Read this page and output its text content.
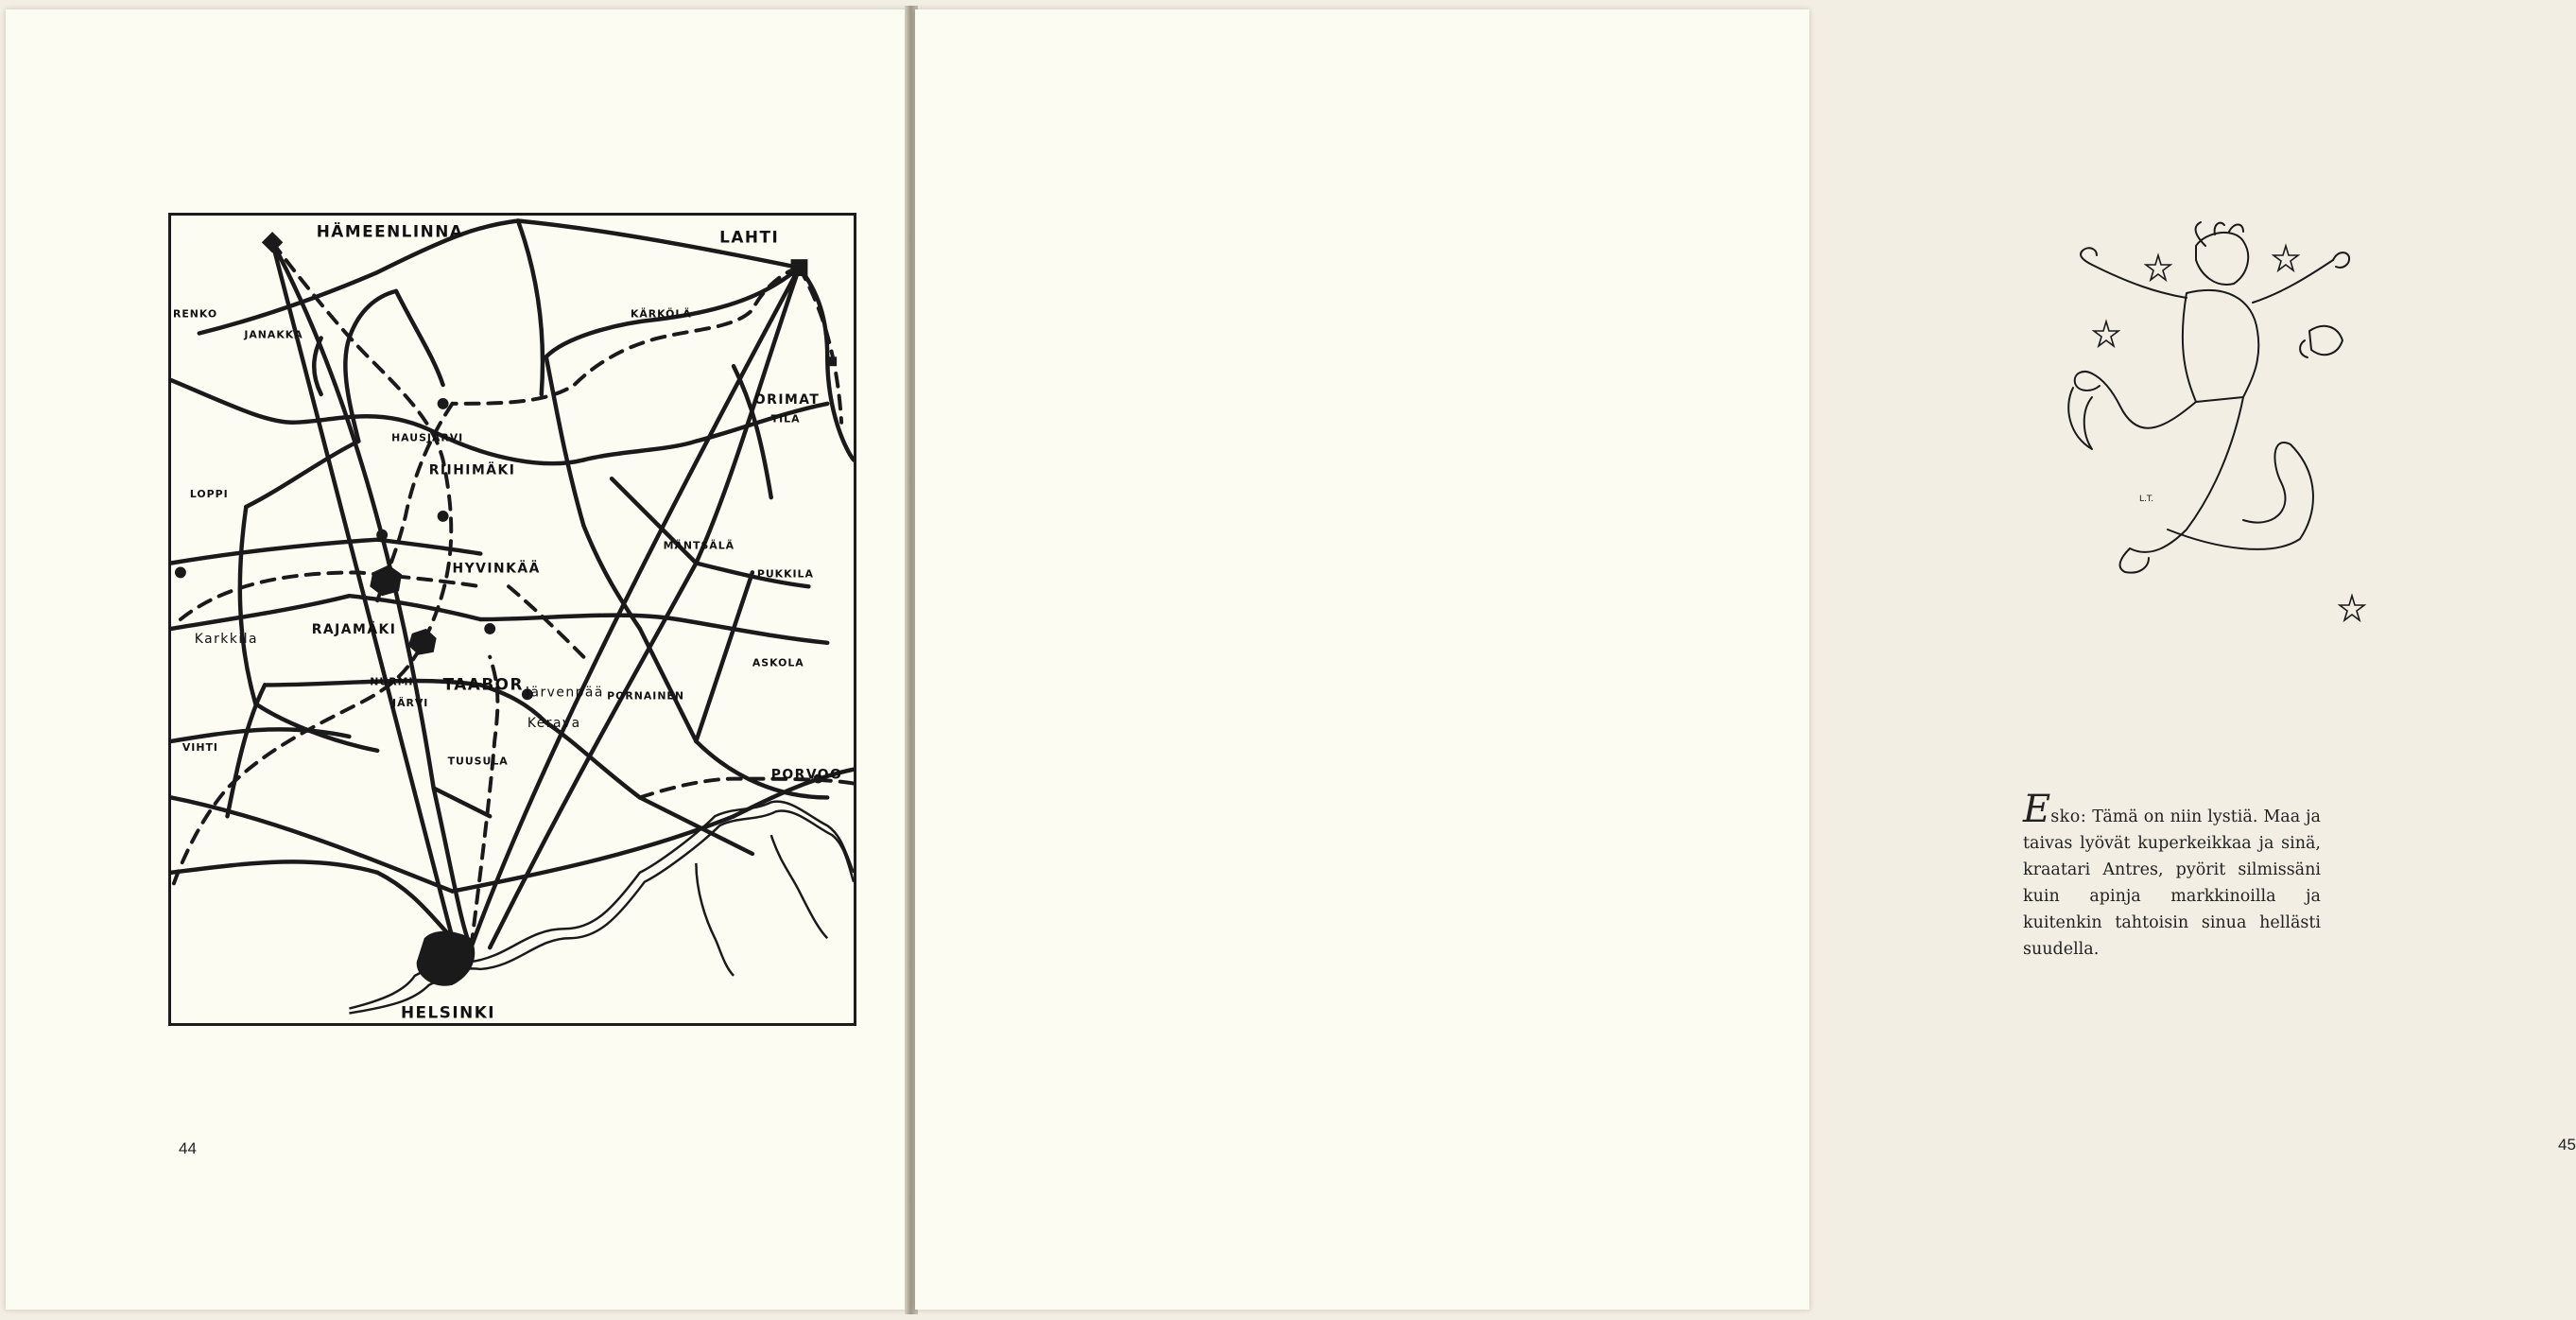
HÄMEENLINNA	LAHTI
RENKO
JANAKKA
KÄRKÖLÄ
ORIMAT
TILA
HAUSJÄRVI
RIIHIMÄKI
LOPPI
HYVINKÄÄ
MÄNTSÄLÄ
PUKKILA
Karkkila
RAJAMÄKI
ASKOLA
NURMI
JÄRVI
TAABOR Järvenpää PORNAINEN
Kerava
VIHTI
TUUSULA
PORVOO
HELSINKI
44
L.T.
Esko: Tämä on niin lystiä. Maa ja taivas lyövät kuperkeikkaa ja sinä, kraatari Antres, pyörit silmissäni kuin apinja markkinoilla ja kuitenkin tahtoisin sinua hellästi suudella.
45
